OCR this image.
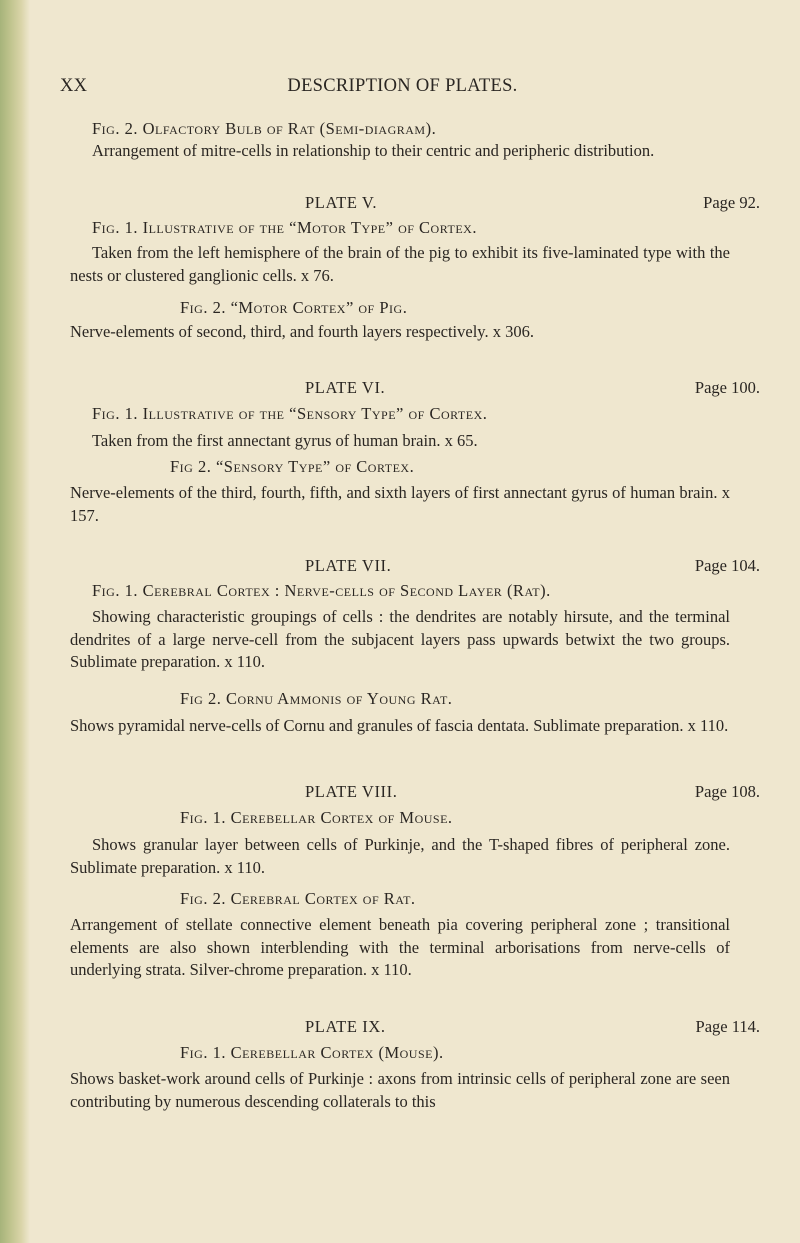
XX	DESCRIPTION OF PLATES.
Fig. 2. Olfactory Bulb of Rat (Semi-diagram).
Arrangement of mitre-cells in relationship to their centric and peripheric distribution.
PLATE V.	Page 92.
Fig. 1. Illustrative of the “Motor Type” of Cortex.
Taken from the left hemisphere of the brain of the pig to exhibit its five-laminated type with the nests or clustered ganglionic cells. x 76.
Fig. 2. “Motor Cortex” of Pig.
Nerve-elements of second, third, and fourth layers respectively. x 306.
PLATE VI.	Page 100.
Fig. 1. Illustrative of the “Sensory Type” of Cortex.
Taken from the first annectant gyrus of human brain. x 65.
Fig 2. “Sensory Type” of Cortex.
Nerve-elements of the third, fourth, fifth, and sixth layers of first annectant gyrus of human brain. x 157.
PLATE VII.	Page 104.
Fig. 1. Cerebral Cortex : Nerve-cells of Second Layer (Rat).
Showing characteristic groupings of cells : the dendrites are notably hirsute, and the terminal dendrites of a large nerve-cell from the subjacent layers pass upwards betwixt the two groups. Sublimate preparation. x 110.
Fig 2. Cornu Ammonis of Young Rat.
Shows pyramidal nerve-cells of Cornu and granules of fascia dentata. Sublimate preparation. x 110.
PLATE VIII.	Page 108.
Fig. 1. Cerebellar Cortex of Mouse.
Shows granular layer between cells of Purkinje, and the T-shaped fibres of peripheral zone. Sublimate preparation. x 110.
Fig. 2. Cerebral Cortex of Rat.
Arrangement of stellate connective element beneath pia covering peripheral zone ; transitional elements are also shown interblending with the terminal arborisations from nerve-cells of underlying strata. Silver-chrome preparation. x 110.
PLATE IX.	Page 114.
Fig. 1. Cerebellar Cortex (Mouse).
Shows basket-work around cells of Purkinje : axons from intrinsic cells of peripheral zone are seen contributing by numerous descending collaterals to this
